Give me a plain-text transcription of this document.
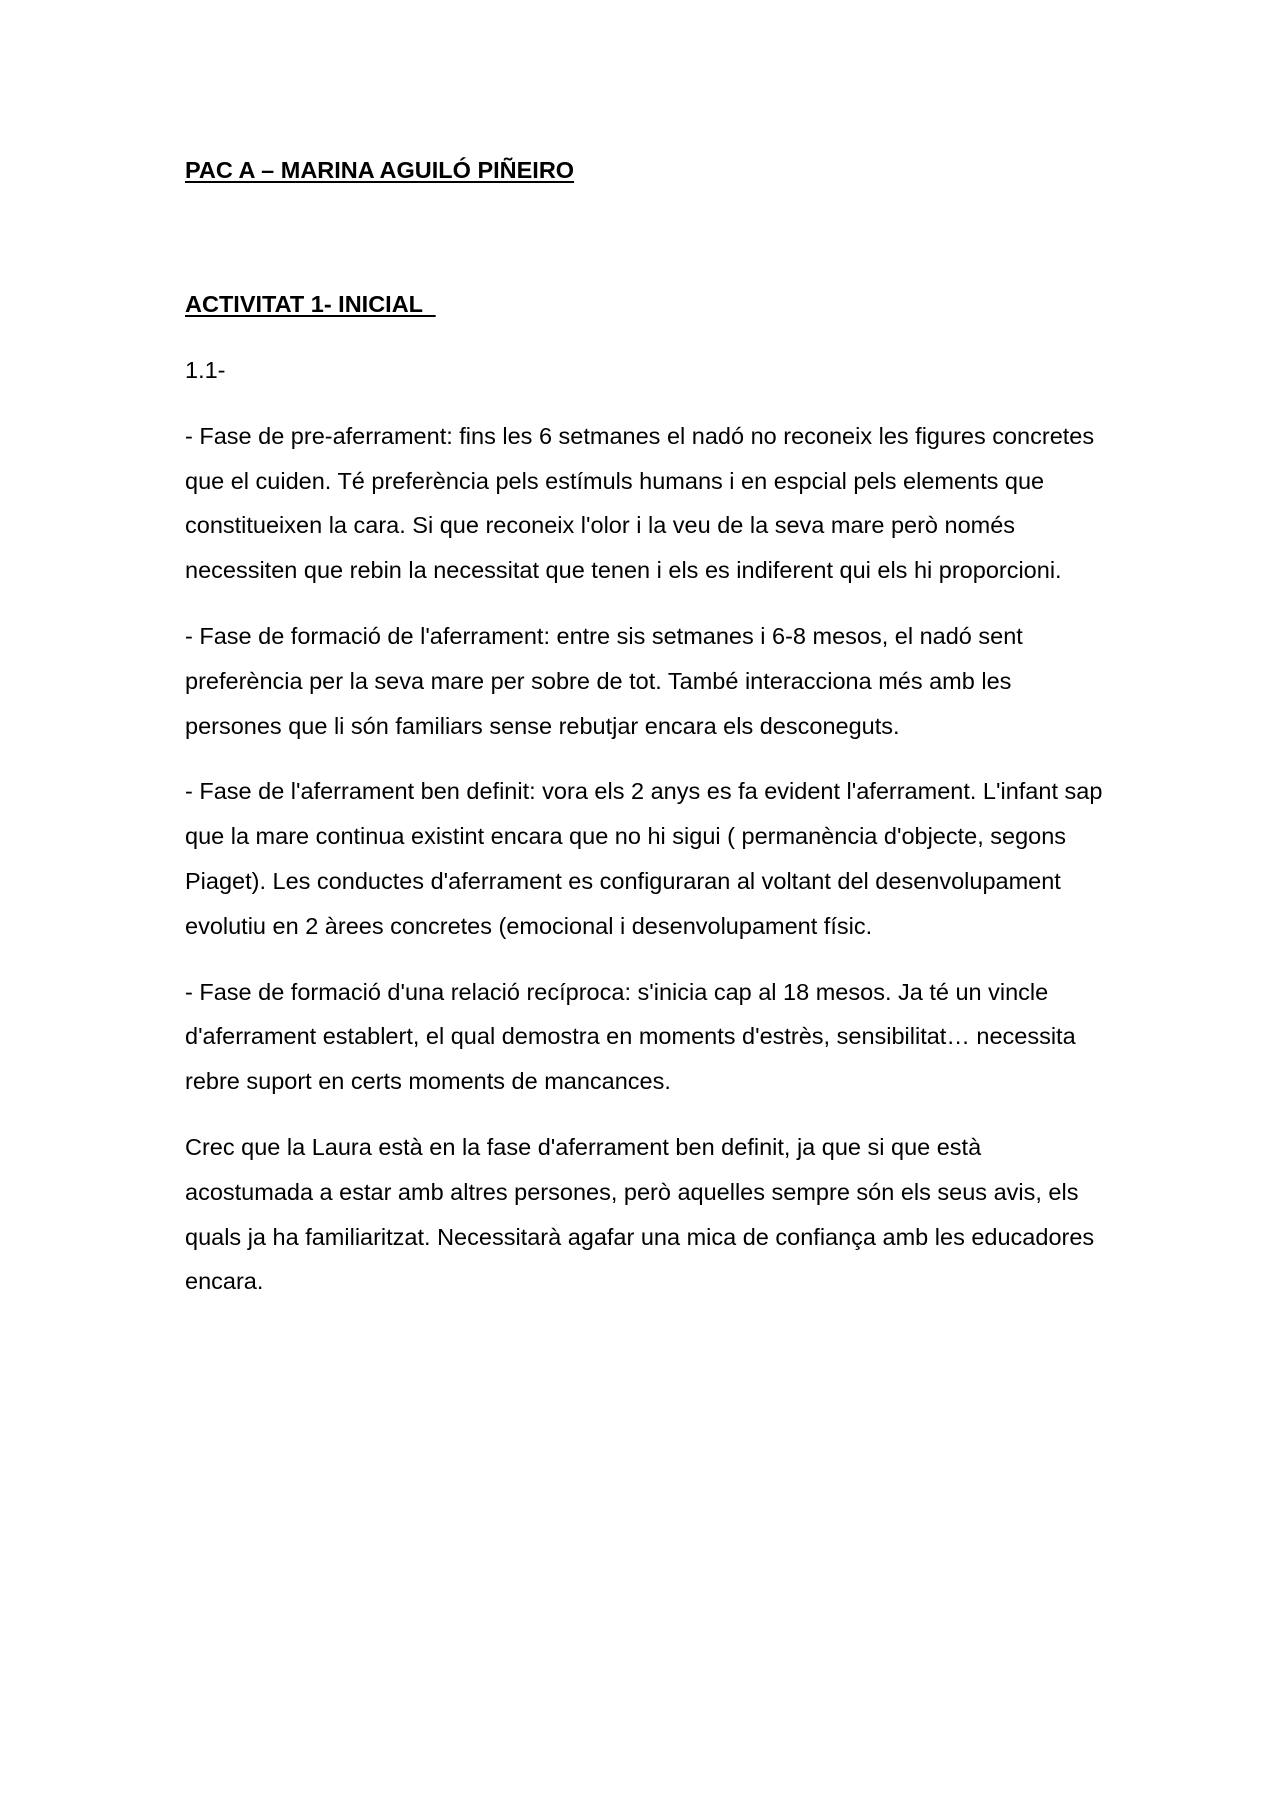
PAC A – MARINA AGUILÓ PIÑEIRO
ACTIVITAT 1- INICIAL

1.1-

- Fase de pre-aferrament: fins les 6 setmanes el nadó no reconeix les figures concretes que el cuiden. Té preferència pels estímuls humans i en espcial pels elements que constitueixen la cara. Si que reconeix l'olor i la veu de la seva mare però només necessiten que rebin la necessitat que tenen i els es indiferent qui els hi proporcioni.

- Fase de formació de l'aferrament: entre sis setmanes i 6-8 mesos, el nadó sent preferència per la seva mare per sobre de tot. També interacciona més amb les persones que li són familiars sense rebutjar encara els desconeguts.

- Fase de l'aferrament ben definit: vora els 2 anys es fa evident l'aferrament. L'infant sap que la mare continua existint encara que no hi sigui ( permanència d'objecte, segons Piaget). Les conductes d'aferrament es configuraran al voltant del desenvolupament evolutiu en 2 àrees concretes (emocional i desenvolupament físic.

- Fase de formació d'una relació recíproca: s'inicia cap al 18 mesos. Ja té un vincle d'aferrament establert, el qual demostra en moments d'estrès, sensibilitat… necessita rebre suport en certs moments de mancances.

Crec que la Laura està en la fase d'aferrament ben definit, ja que si que està acostumada a estar amb altres persones, però aquelles sempre són els seus avis, els quals ja ha familiaritzat. Necessitarà agafar una mica de confiança amb les educadores encara.
